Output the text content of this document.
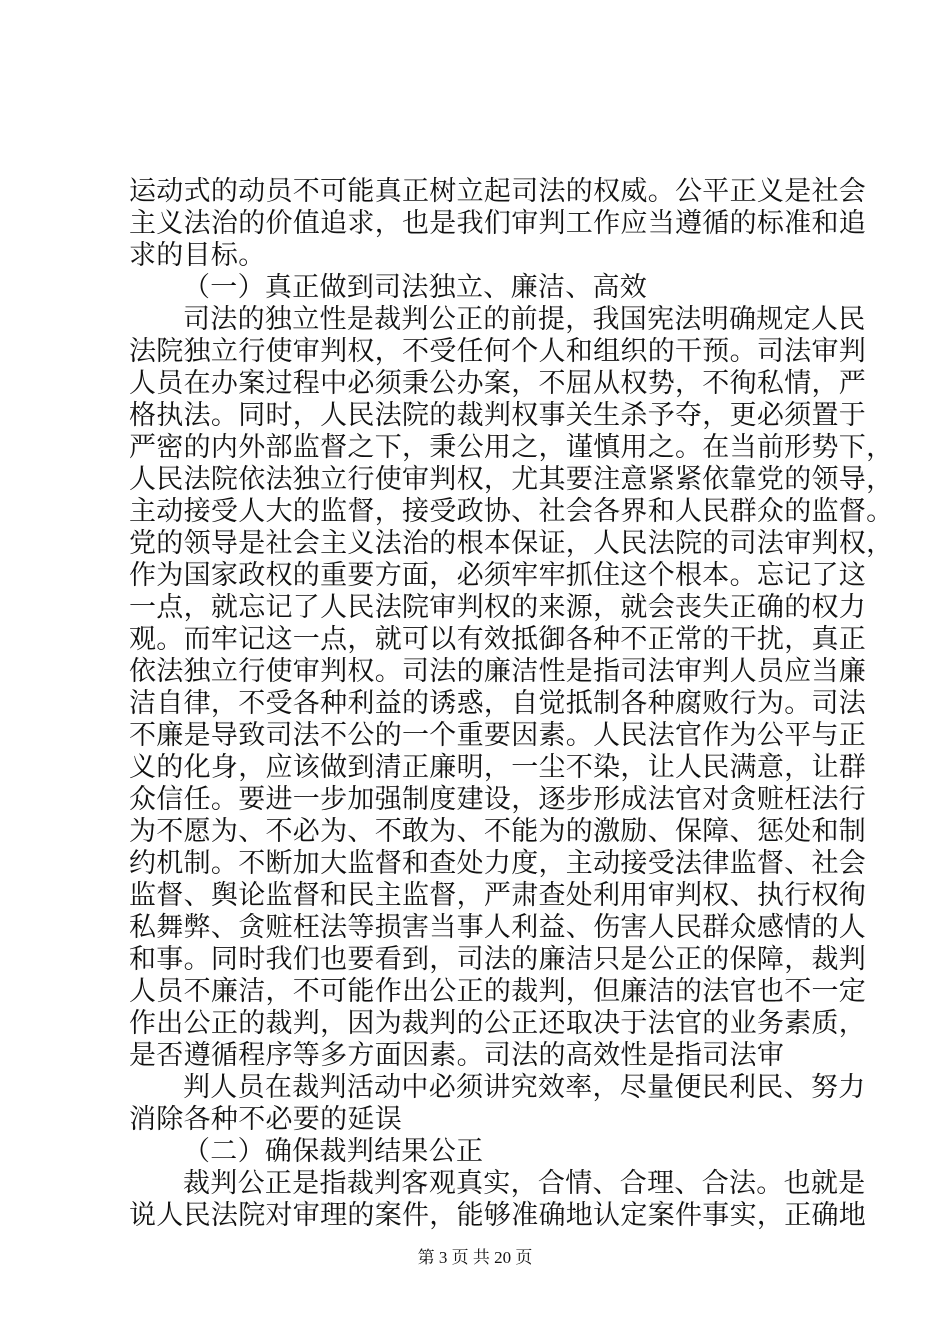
运动式的动员不可能真正树立起司法的权威。公平正义是社会
主义法治的价值追求，也是我们审判工作应当遵循的标准和追
求的目标。
（一）真正做到司法独立、廉洁、高效
司法的独立性是裁判公正的前提，我国宪法明确规定人民
法院独立行使审判权，不受任何个人和组织的干预。司法审判
人员在办案过程中必须秉公办案，不屈从权势，不徇私情，严
格执法。同时，人民法院的裁判权事关生杀予夺，更必须置于
严密的内外部监督之下，秉公用之，谨慎用之。在当前形势下，
人民法院依法独立行使审判权，尤其要注意紧紧依靠党的领导，
主动接受人大的监督，接受政协、社会各界和人民群众的监督。
党的领导是社会主义法治的根本保证，人民法院的司法审判权，
作为国家政权的重要方面，必须牢牢抓住这个根本。忘记了这
一点，就忘记了人民法院审判权的来源，就会丧失正确的权力
观。而牢记这一点，就可以有效抵御各种不正常的干扰，真正
依法独立行使审判权。司法的廉洁性是指司法审判人员应当廉
洁自律，不受各种利益的诱惑，自觉抵制各种腐败行为。司法
不廉是导致司法不公的一个重要因素。人民法官作为公平与正
义的化身，应该做到清正廉明，一尘不染，让人民满意，让群
众信任。要进一步加强制度建设，逐步形成法官对贪赃枉法行
为不愿为、不必为、不敢为、不能为的激励、保障、惩处和制
约机制。不断加大监督和查处力度，主动接受法律监督、社会
监督、舆论监督和民主监督，严肃查处利用审判权、执行权徇
私舞弊、贪赃枉法等损害当事人利益、伤害人民群众感情的人
和事。同时我们也要看到，司法的廉洁只是公正的保障，裁判
人员不廉洁，不可能作出公正的裁判，但廉洁的法官也不一定
作出公正的裁判，因为裁判的公正还取决于法官的业务素质，
是否遵循程序等多方面因素。司法的高效性是指司法审
判人员在裁判活动中必须讲究效率，尽量便民利民、努力
消除各种不必要的延误
（二）确保裁判结果公正
裁判公正是指裁判客观真实，合情、合理、合法。也就是
说人民法院对审理的案件，能够准确地认定案件事实，正确地
第 3 页 共 20 页
